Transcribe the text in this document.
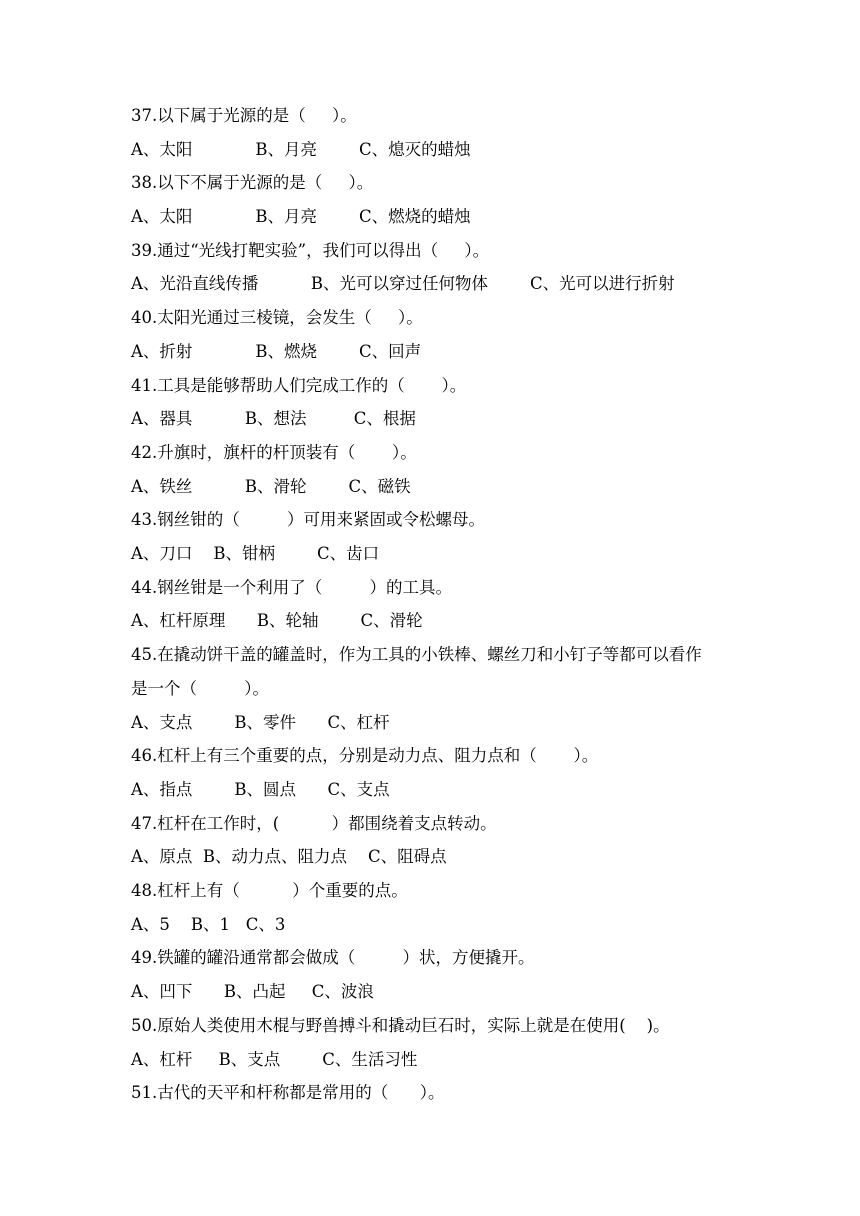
37.以下属于光源的是（     ）。
A、太阳            B、月亮        C、熄灭的蜡烛
38.以下不属于光源的是（     ）。
A、太阳            B、月亮        C、燃烧的蜡烛
39.通过“光线打靶实验”，我们可以得出（     ）。
A、光沿直线传播          B、光可以穿过任何物体        C、光可以进行折射
40.太阳光通过三棱镜，会发生（     ）。
A、折射            B、燃烧        C、回声
41.工具是能够帮助人们完成工作的（       ）。
A、器具          B、想法         C、根据
42.升旗时，旗杆的杆顶装有（       ）。
A、铁丝          B、滑轮        C、磁铁
43.钢丝钳的（         ）可用来紧固或令松螺母。
A、刀口    B、钳柄        C、齿口
44.钢丝钳是一个利用了（         ）的工具。
A、杠杆原理      B、轮轴        C、滑轮
45.在撬动饼干盖的罐盖时，作为工具的小铁棒、螺丝刀和小钉子等都可以看作
是一个（         ）。
A、支点        B、零件      C、杠杆
46.杠杆上有三个重要的点，分别是动力点、阻力点和（       ）。
A、指点        B、圆点      C、支点
47.杠杆在工作时，(          ）都围绕着支点转动。
A、原点  B、动力点、阻力点    C、阻碍点
48.杠杆上有（          ）个重要的点。
A、5    B、1   C、3
49.铁罐的罐沿通常都会做成（         ）状，方便撬开。
A、凹下      B、凸起     C、波浪
50.原始人类使用木棍与野兽搏斗和撬动巨石时，实际上就是在使用(    )。
A、杠杆     B、支点        C、生活习性
51.古代的天平和杆称都是常用的（      ）。
